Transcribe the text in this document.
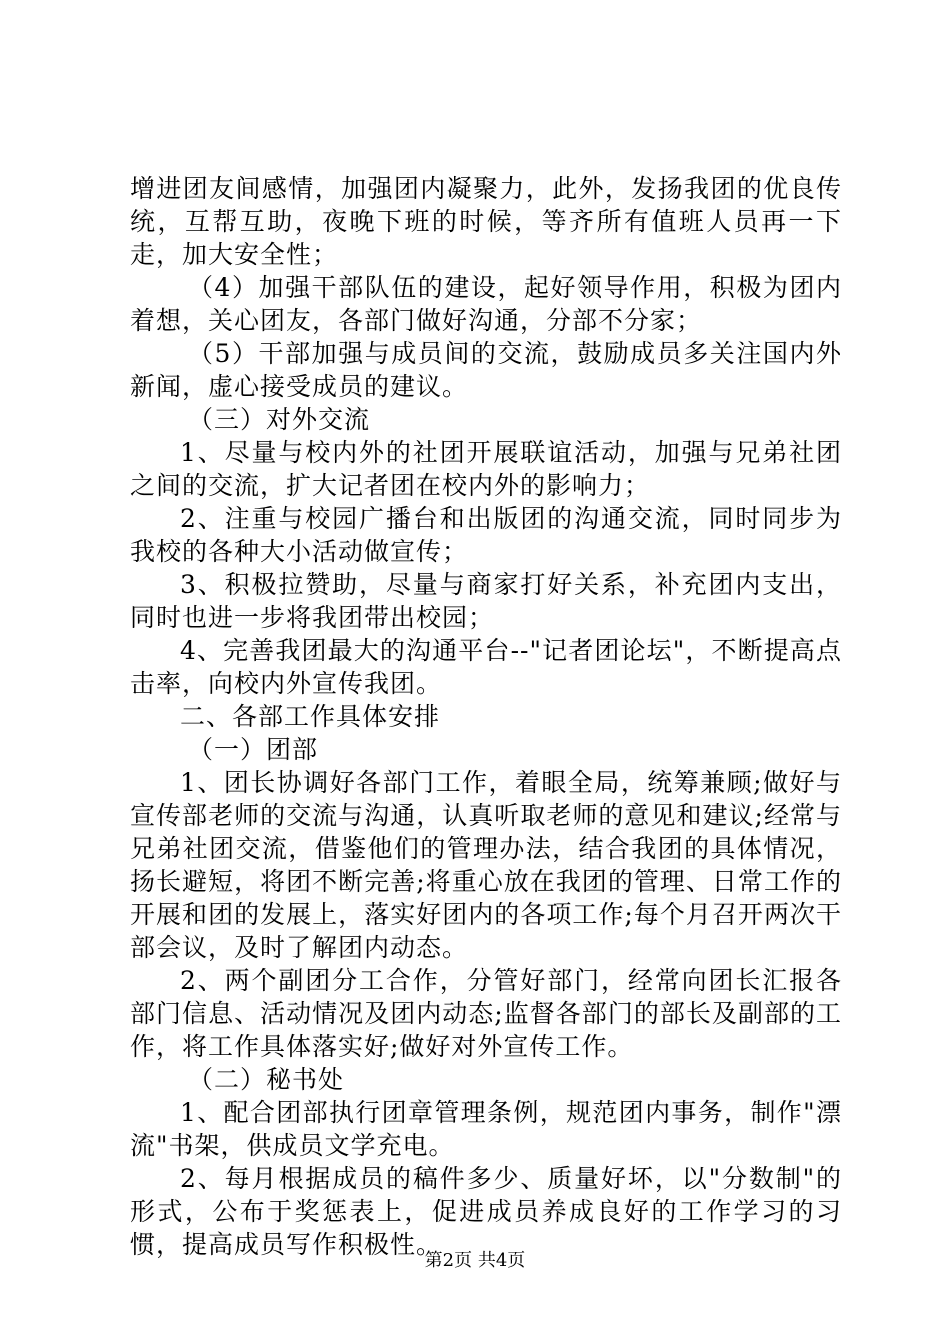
增进团友间感情，加强团内凝聚力，此外，发扬我团的优良传统，互帮互助，夜晚下班的时候，等齐所有值班人员再一下走，加大安全性；

（4）加强干部队伍的建设，起好领导作用，积极为团内着想，关心团友，各部门做好沟通，分部不分家；

（5）干部加强与成员间的交流，鼓励成员多关注国内外新闻，虚心接受成员的建议。

（三）对外交流

1、尽量与校内外的社团开展联谊活动，加强与兄弟社团之间的交流，扩大记者团在校内外的影响力；

2、注重与校园广播台和出版团的沟通交流，同时同步为我校的各种大小活动做宣传；

3、积极拉赞助，尽量与商家打好关系，补充团内支出，同时也进一步将我团带出校园；

4、完善我团最大的沟通平台--"记者团论坛"，不断提高点击率，向校内外宣传我团。

二、各部工作具体安排

（一）团部

1、团长协调好各部门工作，着眼全局，统筹兼顾;做好与宣传部老师的交流与沟通，认真听取老师的意见和建议;经常与兄弟社团交流，借鉴他们的管理办法，结合我团的具体情况，扬长避短，将团不断完善;将重心放在我团的管理、日常工作的开展和团的发展上，落实好团内的各项工作;每个月召开两次干部会议，及时了解团内动态。

2、两个副团分工合作，分管好部门，经常向团长汇报各部门信息、活动情况及团内动态;监督各部门的部长及副部的工作，将工作具体落实好;做好对外宣传工作。

（二）秘书处

1、配合团部执行团章管理条例，规范团内事务，制作"漂流"书架，供成员文学充电。

2、每月根据成员的稿件多少、质量好坏，以"分数制"的形式，公布于奖惩表上，促进成员养成良好的工作学习的习惯，提高成员写作积极性。

第2页 共4页
